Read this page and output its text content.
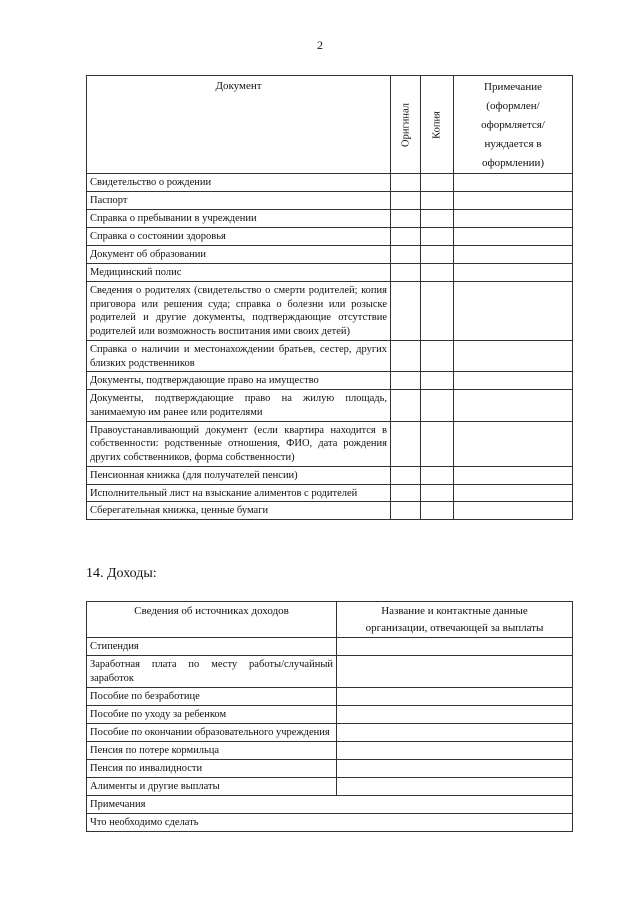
2
Документ	Оригинал	Копия	Примечание
(оформлен/
оформляется/
нуждается в
оформлении)

Свидетельство о рождении			
Паспорт			
Справка о пребывании в учреждении			
Справка о состоянии здоровья			
Документ об образовании			
Медицинский полис			
Сведения о родителях (свидетельство о смерти родителей; копия приговора или решения суда; справка о болезни или розыске родителей и другие документы, подтверждающие отсутствие родителей или возможность воспитания ими своих детей)			
Справка о наличии и местонахождении братьев, сестер, других близких родственников			
Документы, подтверждающие право на имущество			
Документы, подтверждающие право на жилую площадь, занимаемую им ранее или родителями			
Правоустанавливающий документ (если квартира находится в собственности: родственные отношения, ФИО, дата рождения других собственников, форма собственности)			
Пенсионная книжка (для получателей пенсии)			
Исполнительный лист на взыскание алиментов с родителей			
Сберегательная книжка, ценные бумаги			
14. Доходы:
Сведения об источниках доходов	Название и контактные данные
организации, отвечающей за выплаты

Стипендия	
Заработная плата по месту работы/случайный заработок	
Пособие по безработице	
Пособие по уходу за ребенком	
Пособие по окончании образовательного учреждения	
Пенсия по потере кормильца	
Пенсия по инвалидности	
Алименты и другие выплаты	
Примечания	
Что необходимо сделать	
